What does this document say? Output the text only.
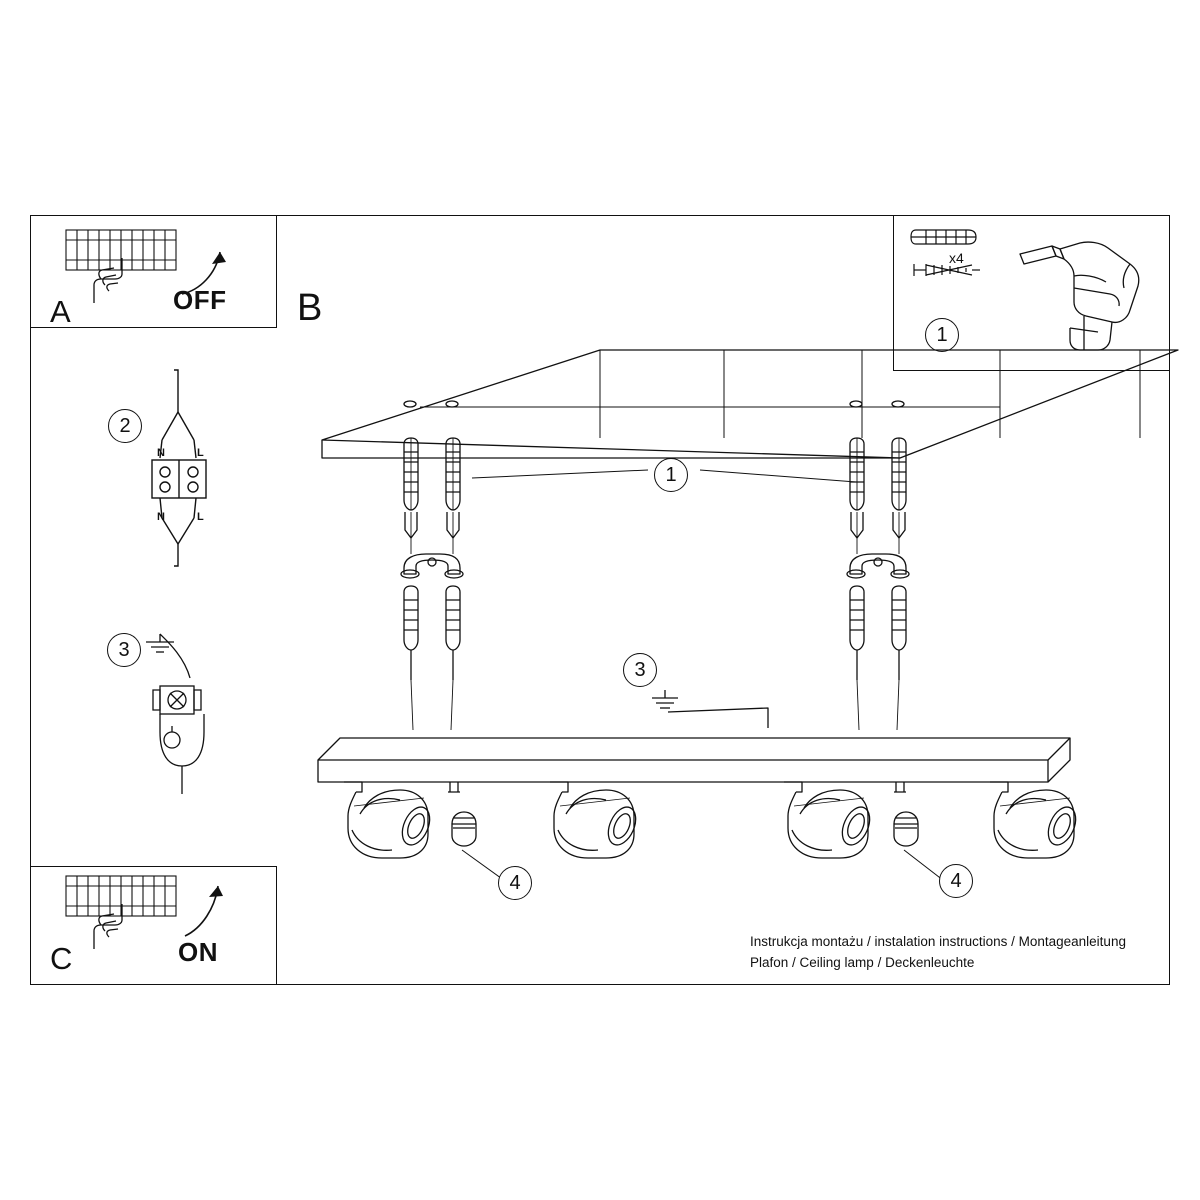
A	OFF
C	ON
B
1
x4
2
N	L
N	L
3
1
3
4	4
Instrukcja montażu / instalation instructions / Montageanleitung
Plafon / Ceiling lamp / Deckenleuchte
